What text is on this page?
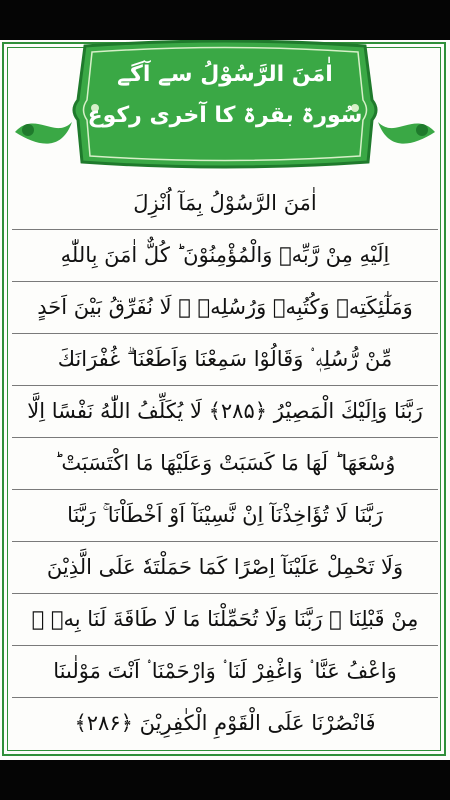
اٰمَنَ الرَّسُوْلُ سے آگے
سُورۃ بقرۃ کا آخری رکوع
اٰمَنَ الرَّسُوْلُ بِمَآ اُنْزِلَ
اِلَيْهِ مِنْ رَّبِّهٖ وَالْمُؤْمِنُوْنَ ؕ كُلٌّ اٰمَنَ بِاللّٰهِ
وَمَلٰٓئِكَتِهٖ وَكُتُبِهٖ وَرُسُلِهٖ ۟ لَا نُفَرِّقُ بَيْنَ اَحَدٍ
مِّنْ رُّسُلِهٖ ۟ وَقَالُوْا سَمِعْنَا وَاَطَعْنَا ۗ غُفْرَانَكَ
رَبَّنَا وَاِلَيْكَ الْمَصِيْرُ ﴿۲۸۵﴾ لَا يُكَلِّفُ اللّٰهُ نَفْسًا اِلَّا
وُسْعَهَا ؕ لَهَا مَا كَسَبَتْ وَعَلَيْهَا مَا اكْتَسَبَتْ ؕ
رَبَّنَا لَا تُؤَاخِذْنَآ اِنْ نَّسِيْنَآ اَوْ اَخْطَاْنَا ۚ رَبَّنَا
وَلَا تَحْمِلْ عَلَيْنَآ اِصْرًا كَمَا حَمَلْتَهٗ عَلَى الَّذِيْنَ
مِنْ قَبْلِنَا ۚ رَبَّنَا وَلَا تُحَمِّلْنَا مَا لَا طَاقَةَ لَنَا بِهٖ ۚ
وَاعْفُ عَنَّا ۟ وَاغْفِرْ لَنَا ۟ وَارْحَمْنَا ۟ اَنْتَ مَوْلٰىنَا
فَانْصُرْنَا عَلَى الْقَوْمِ الْكٰفِرِيْنَ ﴿۲۸۶﴾
